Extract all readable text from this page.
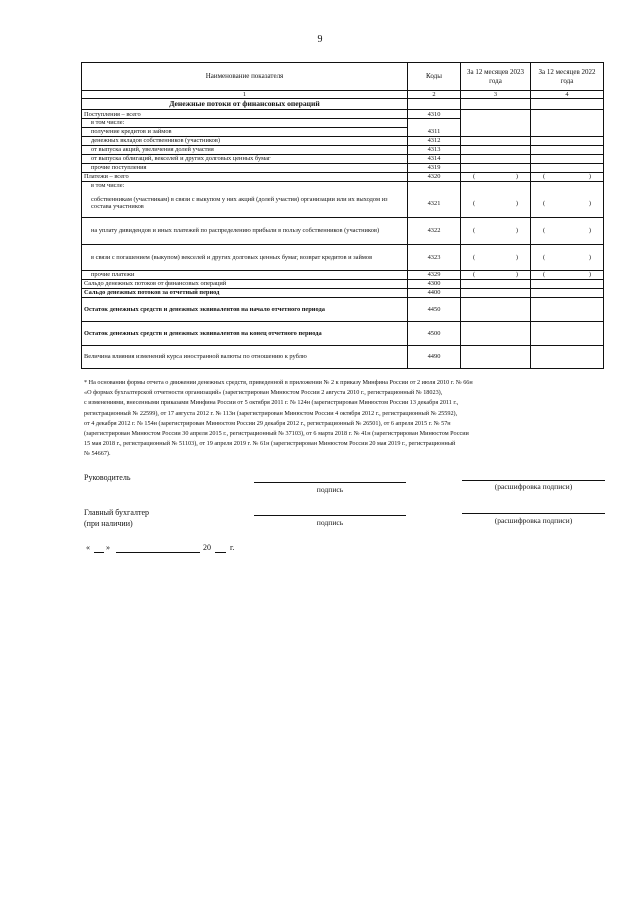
9
Наименование показателя	Коды	За 12 месяцев 2023 года	За 12 месяцев 2022 года
1	2	3	4
Денежные потоки от финансовых операций			
Поступления – всего	4310		
в том числе:			
получение кредитов и займов	4311		
денежных вкладов собственников (участников)	4312		
от выпуска акций, увеличения долей участия	4313		
от выпуска облигаций, векселей и других долговых ценных бумаг	4314		
прочие поступления	4319		
Платежи – всего	4320	( )	( )

в том числе:			
собственникам (участникам) в связи с выкупом у них акций (долей участия) организации или их выходом из состава участников	4321	( )	( )

на уплату дивидендов и иных платежей по распределению прибыли в пользу собственников (участников)	4322	( )	( )

в связи с погашением (выкупом) векселей и других долговых ценных бумаг, возврат кредитов и займов	4323	( )	( )

прочие платежи	4329	( )	( )

Сальдо денежных потоков от финансовых операций	4300		
Сальдо денежных потоков за отчетный период	4400		
Остаток денежных средств и денежных эквивалентов на начало отчетного периода	4450		
Остаток денежных средств и денежных эквивалентов на конец отчетного периода	4500		
Величина влияния изменений курса иностранной валюты по отношению к рублю	4490		
* На основании формы отчета о движении денежных средств, приведенной в приложении № 2 к приказу Минфина России от 2 июля 2010 г. № 66н
«О формах бухгалтерской отчетности организаций» (зарегистрирован Минюстом России 2 августа 2010 г., регистрационный № 18023),
с изменениями, внесенными приказами Минфина России от 5 октября 2011 г. № 124н (зарегистрирован Минюстом России 13 декабря 2011 г.,
регистрационный № 22599), от 17 августа 2012 г. № 113н (зарегистрирован Минюстом России 4 октября 2012 г., регистрационный № 25592),
от 4 декабря 2012 г. № 154н (зарегистрирован Минюстом России 29 декабря 2012 г., регистрационный № 26501), от 6 апреля 2015 г. № 57н
(зарегистрирован Минюстом России 30 апреля 2015 г., регистрационный № 37103), от 6 марта 2018 г. № 41н (зарегистрирован Минюстом России
15 мая 2018 г., регистрационный № 51103), от 19 апреля 2019 г. № 61н (зарегистрирован Минюстом России 20 мая 2019 г., регистрационный
№ 54667).
Руководитель
подпись	(расшифровка подписи)
Главный бухгалтер
(при наличии)	подпись	(расшифровка подписи)
« »	20 г.
